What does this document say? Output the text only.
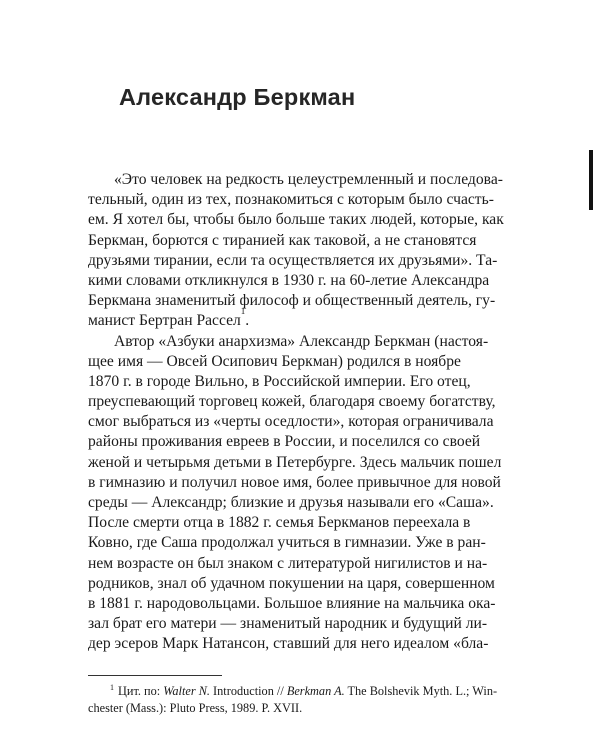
Александр Беркман
«Это человек на редкость целеустремленный и последова-
тельный, один из тех, познакомиться с которым было счасть-
ем. Я хотел бы, чтобы было больше таких людей, которые, как
Беркман, борются с тиранией как таковой, а не становятся
друзьями тирании, если та осуществляется их друзьями». Та-
кими словами откликнулся в 1930 г. на 60-летие Александра
Беркмана знаменитый философ и общественный деятель, гу-
манист Бертран Рассел
1
.
Автор «Азбуки анархизма» Александр Беркман (настоя-
щее имя — Овсей Осипович Беркман) родился в ноябре
1870 г. в городе Вильно, в Российской империи. Его отец,
преуспевающий торговец кожей, благодаря своему богатству,
смог выбраться из «черты оседлости», которая ограничивала
районы проживания евреев в России, и поселился со своей
женой и четырьмя детьми в Петербурге. Здесь мальчик пошел
в гимназию и получил новое имя, более привычное для новой
среды — Александр; близкие и друзья называли его «Саша».
После смерти отца в 1882 г. семья Беркманов переехала в
Ковно, где Саша продолжал учиться в гимназии. Уже в ран-
нем возрасте он был знаком с литературой нигилистов и на-
родников, знал об удачном покушении на царя, совершенном
в 1881 г. народовольцами. Большое влияние на мальчика ока-
зал брат его матери — знаменитый народник и будущий ли-
дер эсеров Марк Натансон, ставший для него идеалом «бла-
$^1$ Цит. по: Walter N. Introduction // Berkman A. The Bolshevik Myth. L.; Win-
chester (Mass.): Pluto Press, 1989. P. XVII.
